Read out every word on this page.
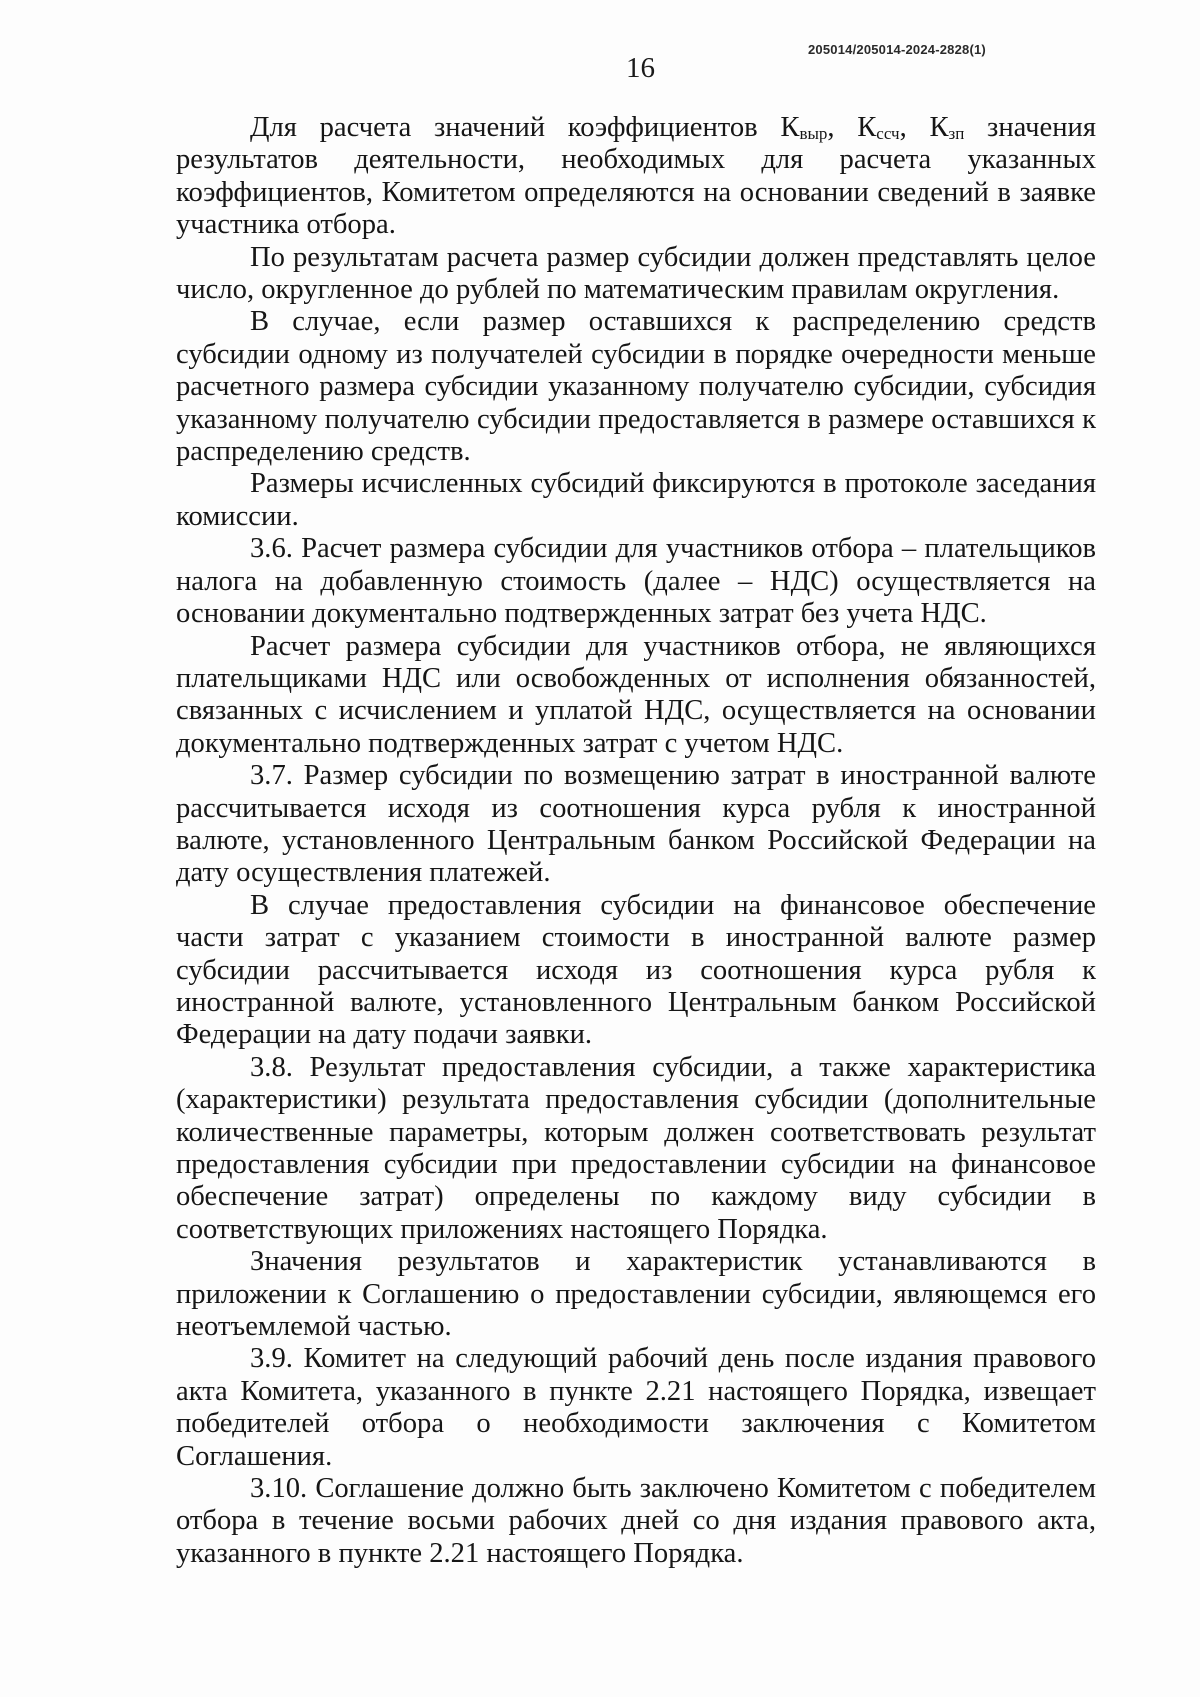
205014/205014-2024-2828(1)
16

Для расчета значений коэффициентов $К_{выр}$, $К_{ссч}$, $К_{зп}$ значения результатов деятельности, необходимых для расчета указанных коэффициентов, Комитетом определяются на основании сведений в заявке участника отбора.

По результатам расчета размер субсидии должен представлять целое число, округленное до рублей по математическим правилам округления.

В случае, если размер оставшихся к распределению средств субсидии одному из получателей субсидии в порядке очередности меньше расчетного размера субсидии указанному получателю субсидии, субсидия указанному получателю субсидии предоставляется в размере оставшихся к распределению средств.

Размеры исчисленных субсидий фиксируются в протоколе заседания комиссии.

3.6. Расчет размера субсидии для участников отбора – плательщиков налога на добавленную стоимость (далее – НДС) осуществляется на основании документально подтвержденных затрат без учета НДС.

Расчет размера субсидии для участников отбора, не являющихся плательщиками НДС или освобожденных от исполнения обязанностей, связанных с исчислением и уплатой НДС, осуществляется на основании документально подтвержденных затрат с учетом НДС.

3.7. Размер субсидии по возмещению затрат в иностранной валюте рассчитывается исходя из соотношения курса рубля к иностранной валюте, установленного Центральным банком Российской Федерации на дату осуществления платежей.

В случае предоставления субсидии на финансовое обеспечение части затрат с указанием стоимости в иностранной валюте размер субсидии рассчитывается исходя из соотношения курса рубля к иностранной валюте, установленного Центральным банком Российской Федерации на дату подачи заявки.

3.8. Результат предоставления субсидии, а также характеристика (характеристики) результата предоставления субсидии (дополнительные количественные параметры, которым должен соответствовать результат предоставления субсидии при предоставлении субсидии на финансовое обеспечение затрат) определены по каждому виду субсидии в соответствующих приложениях настоящего Порядка.

Значения результатов и характеристик устанавливаются в приложении к Соглашению о предоставлении субсидии, являющемся его неотъемлемой частью.

3.9. Комитет на следующий рабочий день после издания правового акта Комитета, указанного в пункте 2.21 настоящего Порядка, извещает победителей отбора о необходимости заключения с Комитетом Соглашения.

3.10. Соглашение должно быть заключено Комитетом с победителем отбора в течение восьми рабочих дней со дня издания правового акта, указанного в пункте 2.21 настоящего Порядка.
